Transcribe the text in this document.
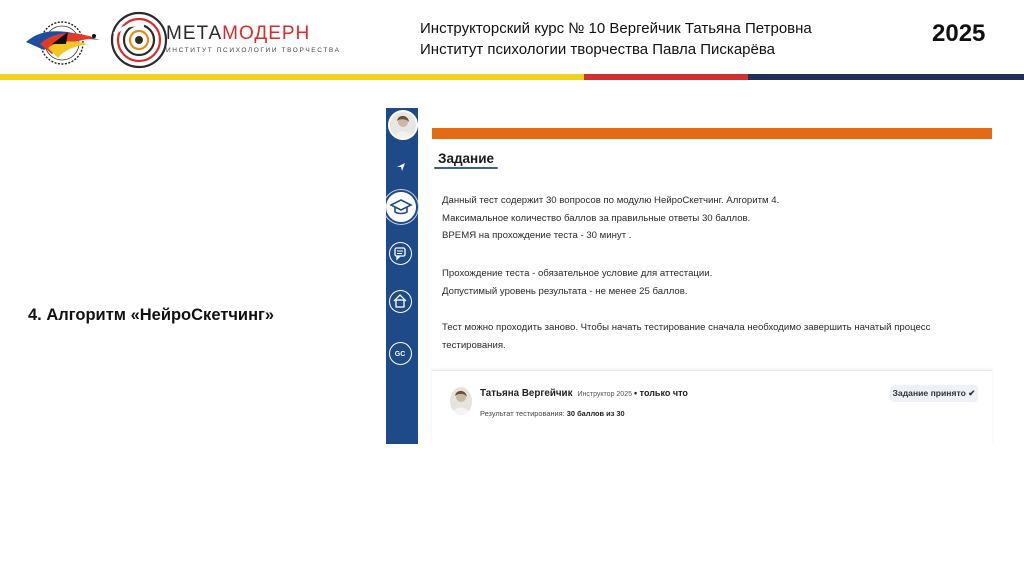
МЕТАМОДЕРН
ИНСТИТУТ ПСИХОЛОГИИ ТВОРЧЕСТВА
Инструкторский курс № 10 Вергейчик Татьяна Петровна
Институт психологии творчества Павла Пискарёва
2025
4. Алгоритм «НейроСкетчинг»
GC
Задание
Данный тест содержит 30 вопросов по модулю НейроСкетчинг. Алгоритм 4.
Максимальное количество баллов за правильные ответы 30 баллов.
ВРЕМЯ на прохождение теста - 30 минут .
Прохождение теста - обязательное условие для аттестации.
Допустимый уровень результата - не менее 25 баллов.
Тест можно проходить заново. Чтобы начать тестирование сначала необходимо завершить начатый процесс
тестирования.
Татьяна Вергейчик Инструктор 2025 • только что
Результат тестирования: 30 баллов из 30
Задание принято ✔
